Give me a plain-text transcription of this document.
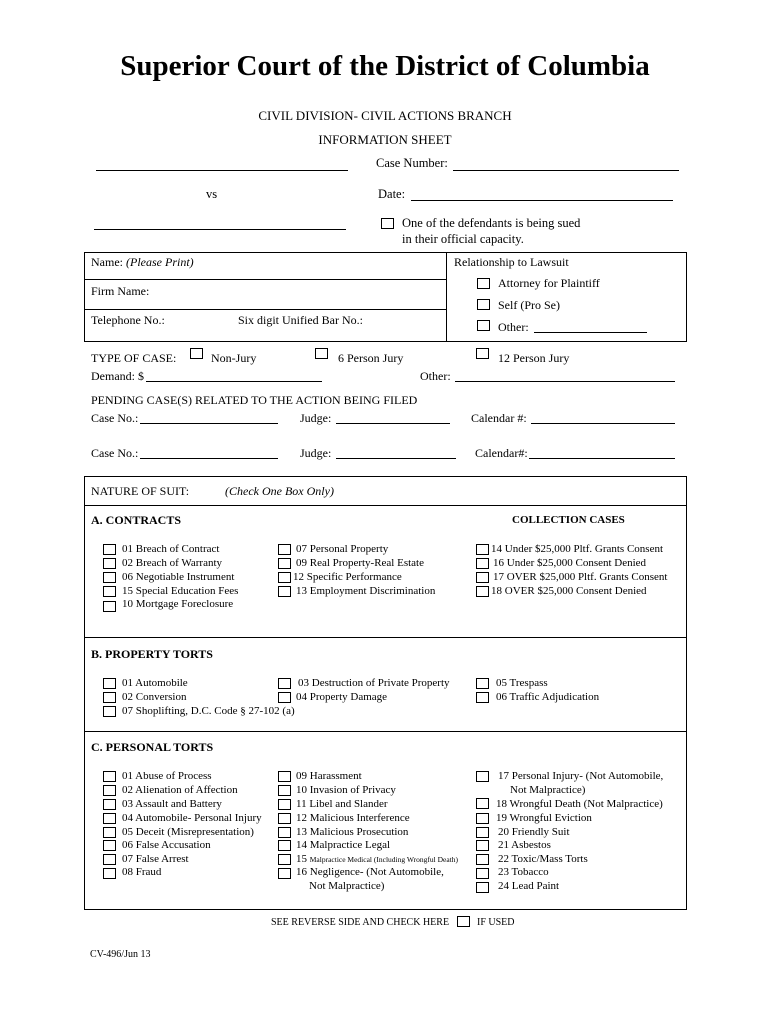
Superior Court of the District of Columbia
CIVIL DIVISION- CIVIL ACTIONS BRANCH
INFORMATION SHEET
Case Number:
vs	Date:
One of the defendants is being sued
in their official capacity.
Name: (Please Print)
Firm Name:
Telephone No.:	Six digit Unified Bar No.:
Relationship to Lawsuit
Attorney for Plaintiff
Self (Pro Se)
Other:
TYPE OF CASE:	Non-Jury	6 Person Jury	12 Person Jury
Demand: $	Other:
PENDING CASE(S) RELATED TO THE ACTION BEING FILED
Case No.:	Judge:	Calendar #:
Case No.:	Judge:	Calendar#:
NATURE OF SUIT:	(Check One Box Only)
A. CONTRACTS	COLLECTION CASES
01 Breach of Contract
02 Breach of Warranty
06 Negotiable Instrument
15 Special Education Fees
10 Mortgage Foreclosure
07 Personal Property
09 Real Property-Real Estate
12 Specific Performance
13 Employment Discrimination
14 Under $25,000 Pltf. Grants Consent
16 Under $25,000 Consent Denied
17 OVER $25,000 Pltf. Grants Consent
18 OVER $25,000 Consent Denied
B. PROPERTY TORTS
01 Automobile
02 Conversion
07 Shoplifting, D.C. Code § 27-102 (a)
03 Destruction of Private Property
04 Property Damage
05 Trespass
06 Traffic Adjudication
C. PERSONAL TORTS
01 Abuse of Process
02 Alienation of Affection
03 Assault and Battery
04 Automobile- Personal Injury
05 Deceit (Misrepresentation)
06 False Accusation
07 False Arrest
08 Fraud
09 Harassment
10 Invasion of Privacy
11 Libel and Slander
12 Malicious Interference
13 Malicious Prosecution
14 Malpractice Legal
15 Malpractice Medical (Including Wrongful Death)
16 Negligence- (Not Automobile,
Not Malpractice)
17 Personal Injury- (Not Automobile,
Not Malpractice)
18 Wrongful Death (Not Malpractice)
19 Wrongful Eviction
20 Friendly Suit
21 Asbestos
22 Toxic/Mass Torts
23 Tobacco
24 Lead Paint
SEE REVERSE SIDE AND CHECK HERE	IF USED
CV-496/Jun 13
